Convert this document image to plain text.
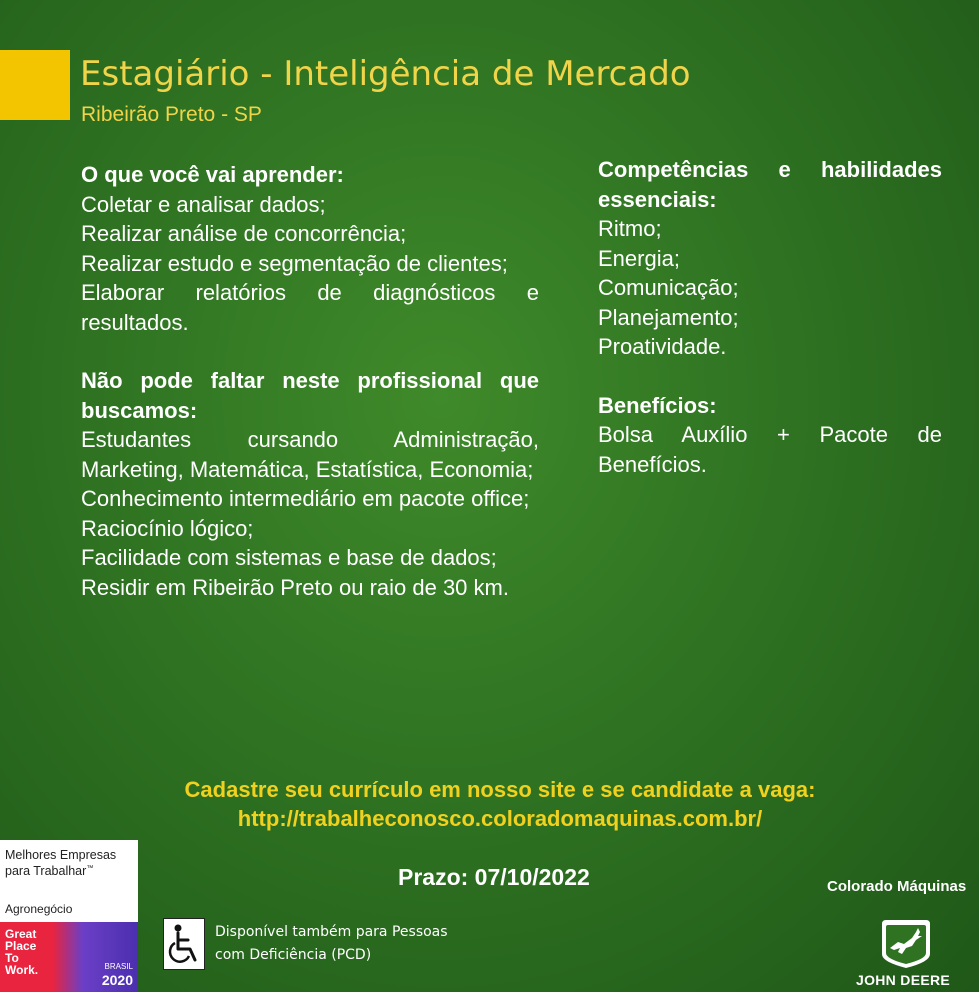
Estagiário - Inteligência de Mercado
Ribeirão Preto - SP
O que você vai aprender:
Coletar e analisar dados;
Realizar análise de concorrência;
Realizar estudo e segmentação de clientes;
Elaborar relatórios de diagnósticos e resultados.
Não pode faltar neste profissional que buscamos:
Estudantes cursando Administração, Marketing, Matemática, Estatística, Economia;
Conhecimento intermediário em pacote office;
Raciocínio lógico;
Facilidade com sistemas e base de dados;
Residir em Ribeirão Preto ou raio de 30 km.
Competências e habilidades essenciais:
Ritmo;
Energia;
Comunicação;
Planejamento;
Proatividade.
Benefícios:
Bolsa Auxílio + Pacote de Benefícios.
Cadastre seu currículo em nosso site e se candidate a vaga:
http://trabalheconosco.coloradomaquinas.com.br/
Prazo: 07/10/2022
Melhores Empresas
para Trabalhar™
Agronegócio
Great
Place
To
Work.	BRASIL
2020
Disponível também para Pessoas
com Deficiência (PCD)
Colorado Máquinas
JOHN DEERE
